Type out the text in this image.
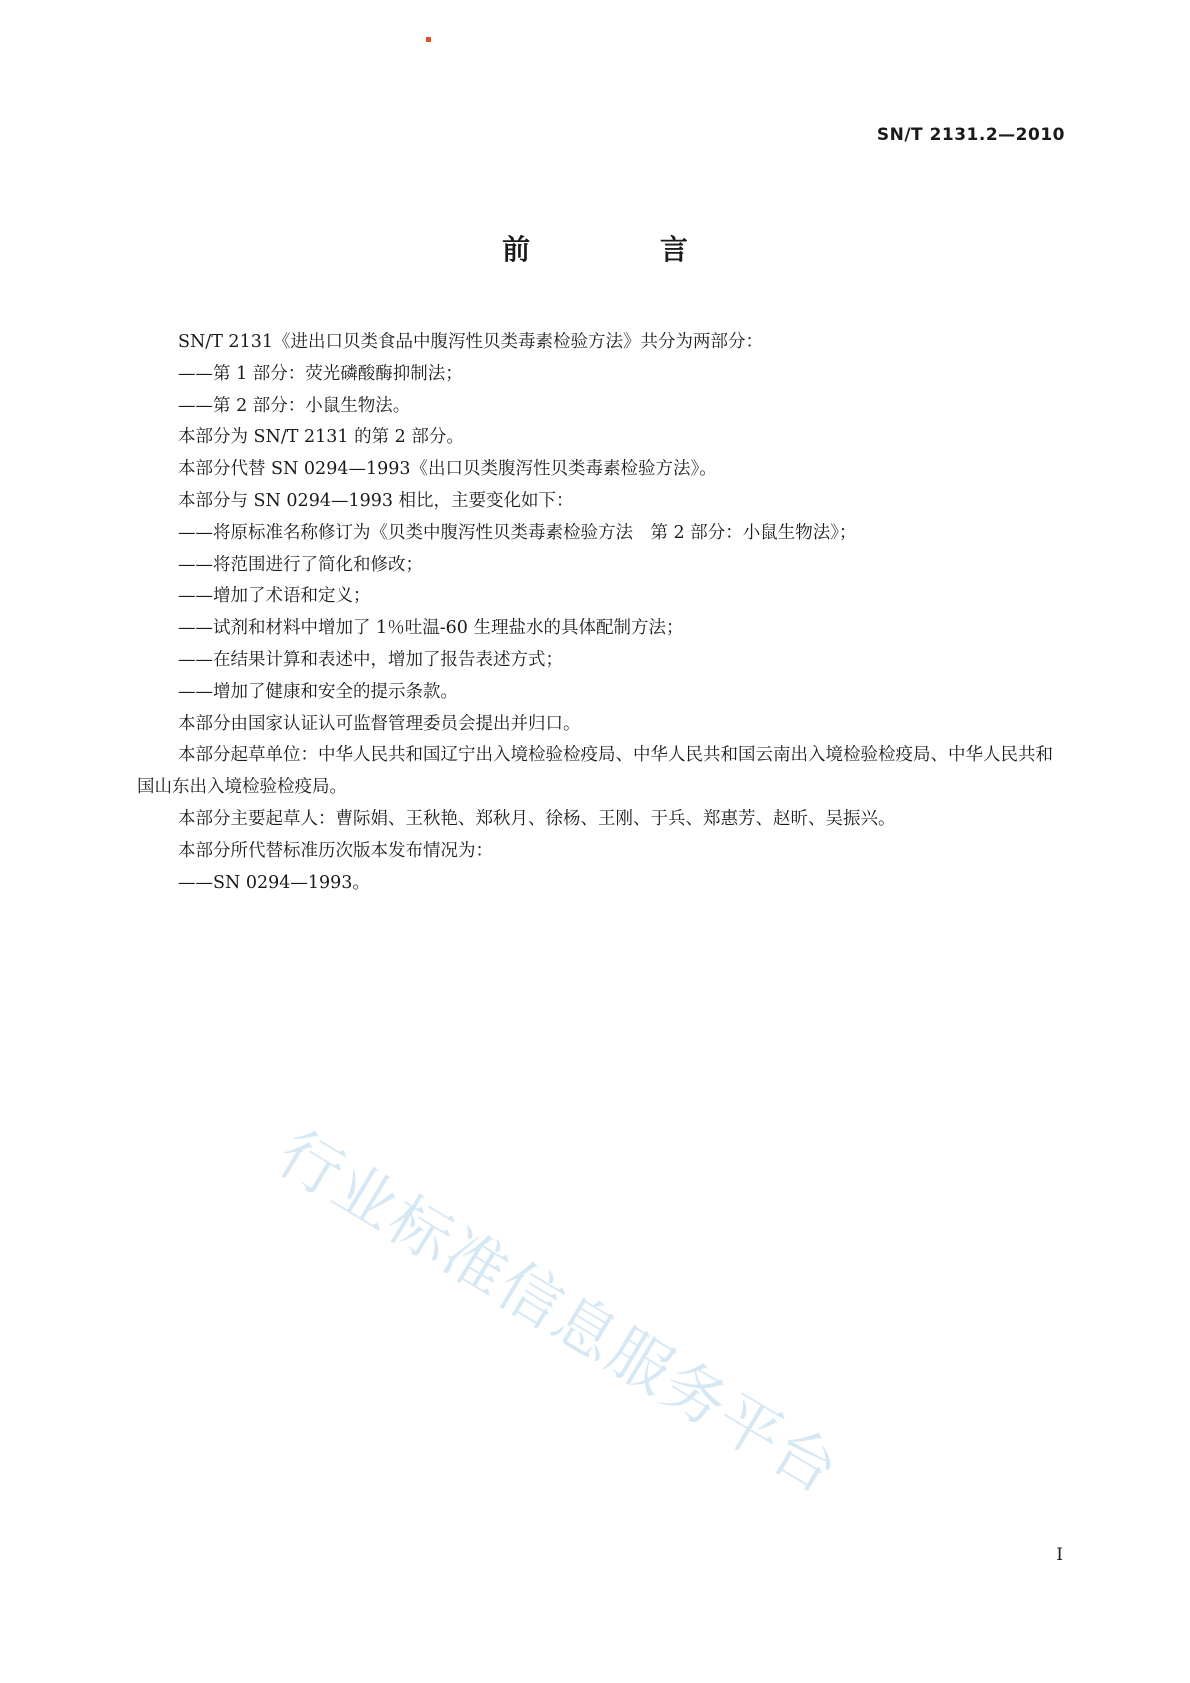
SN/T 2131.2—2010
前 言

SN/T 2131《进出口贝类食品中腹泻性贝类毒素检验方法》共分为两部分：

——第 1 部分：荧光磷酸酶抑制法；

——第 2 部分：小鼠生物法。

本部分为 SN/T 2131 的第 2 部分。

本部分代替 SN 0294—1993《出口贝类腹泻性贝类毒素检验方法》。

本部分与 SN 0294—1993 相比，主要变化如下：

——将原标准名称修订为《贝类中腹泻性贝类毒素检验方法　第 2 部分：小鼠生物法》；

——将范围进行了简化和修改；

——增加了术语和定义；

——试剂和材料中增加了 1％吐温-60 生理盐水的具体配制方法；

——在结果计算和表述中，增加了报告表述方式；

——增加了健康和安全的提示条款。

本部分由国家认证认可监督管理委员会提出并归口。

本部分起草单位：中华人民共和国辽宁出入境检验检疫局、中华人民共和国云南出入境检验检疫局、中华人民共和国山东出入境检验检疫局。

本部分主要起草人：曹际娟、王秋艳、郑秋月、徐杨、王刚、于兵、郑惠芳、赵昕、吴振兴。

本部分所代替标准历次版本发布情况为：

——SN 0294—1993。

行业标准信息服务平台
I
